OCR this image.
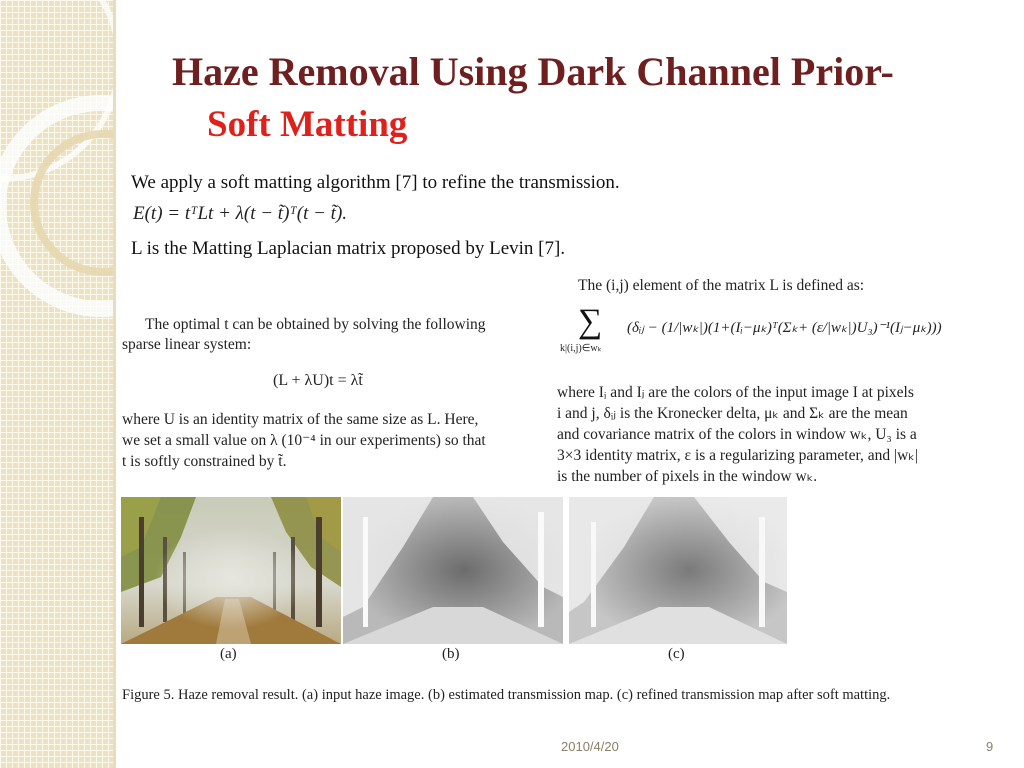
Haze Removal Using Dark Channel Prior-
Soft Matting
We apply a soft matting algorithm [7] to refine the transmission.
E(t) = tᵀLt + λ(t − t̃)ᵀ(t − t̃).
L is the Matting Laplacian matrix proposed by Levin [7].
The optimal t can be obtained by solving the following
sparse linear system:
(L + λU)t = λt̃
where U is an identity matrix of the same size as L. Here,
we set a small value on λ (10⁻⁴ in our experiments) so that
t is softly constrained by t̃.
The (i,j) element of the matrix L is defined as:
∑
k|(i,j)∈wₖ
(δᵢⱼ − (1/|wₖ|)(1+(Iᵢ−μₖ)ᵀ(Σₖ+ (ε/|wₖ|)U₃)⁻¹(Iⱼ−μₖ)))
where Iᵢ and Iⱼ are the colors of the input image I at pixels
i and j, δᵢⱼ is the Kronecker delta, μₖ and Σₖ are the mean
and covariance matrix of the colors in window wₖ, U₃ is a
3×3 identity matrix, ε is a regularizing parameter, and |wₖ|
is the number of pixels in the window wₖ.
(a)	(b)	(c)
Figure 5. Haze removal result. (a) input haze image. (b) estimated transmission map. (c) refined transmission map after soft matting.
2010/4/20	9
